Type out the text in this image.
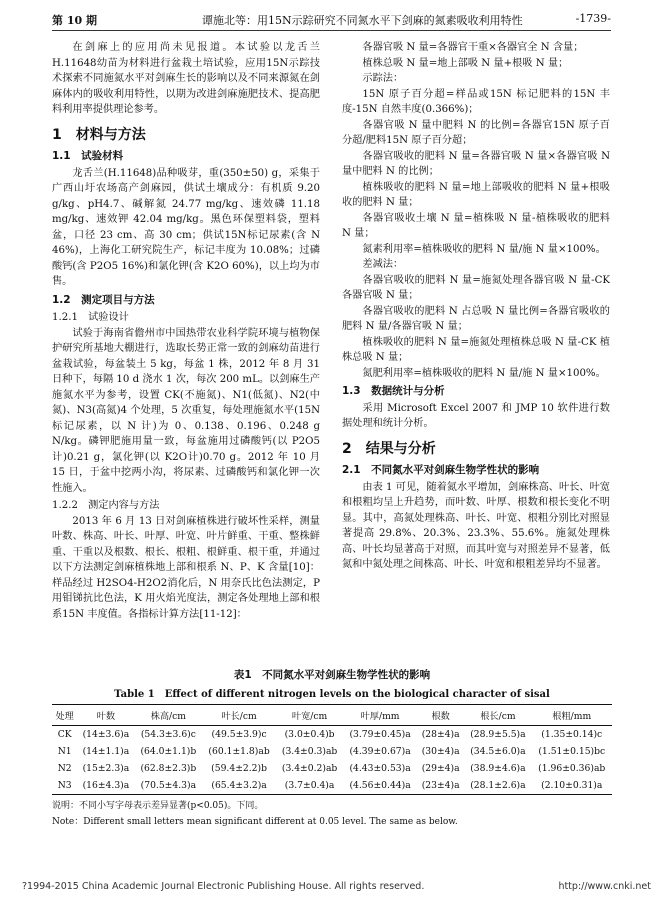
第 10 期	谭施北等：用15N示踪研究不同氮水平下剑麻的氮素吸收利用特性	-1739-

在剑麻上的应用尚未见报道。本试验以龙舌兰H.11648幼苗为材料进行盆栽土培试验，应用15N示踪技术探索不同施氮水平对剑麻生长的影响以及不同来源氮在剑麻体内的吸收利用特性，以期为改进剑麻施肥技术、提高肥料利用率提供理论参考。

1　材料与方法
1.1　试验材料

龙舌兰(H.11648)品种吸芽，重(350±50) g，采集于广西山圩农场高产剑麻园，供试土壤成分：有机质 9.20 g/kg、pH4.7、碱解氮 24.77 mg/kg、速效磷 11.18 mg/kg、速效钾 42.04 mg/kg。黑色环保塑料袋，塑料盆，口径 23 cm、高 30 cm；供试15N标记尿素(含 N 46%)，上海化工研究院生产，标记丰度为 10.08%；过磷酸钙(含 P2O5 16%)和氯化钾(含 K2O 60%)，以上均为市售。

1.2　测定项目与方法
1.2.1　试验设计

试验于海南省儋州市中国热带农业科学院环境与植物保护研究所基地大棚进行，选取长势正常一致的剑麻幼苗进行盆栽试验，每盆装土 5 kg，每盆 1 株，2012 年 8 月 31 日种下，每隔 10 d 浇水 1 次，每次 200 mL。以剑麻生产施氮水平为参考，设置 CK(不施氮)、N1(低氮)、N2(中氮)、N3(高氮)4 个处理，5 次重复，每处理施氮水平(15N 标记尿素，以 N 计)为 0、0.138、0.196、0.248 g N/kg。磷钾肥施用量一致，每盆施用过磷酸钙(以 P2O5计)0.21 g，氯化钾(以 K2O计)0.70 g。2012 年 10 月 15 日，于盆中挖两小沟，将尿素、过磷酸钙和氯化钾一次性施入。

1.2.2　测定内容与方法

2013 年 6 月 13 日对剑麻植株进行破坏性采样，测量叶数、株高、叶长、叶厚、叶宽、叶片鲜重、干重、整株鲜重、干重以及根数、根长、根粗、根鲜重、根干重，并通过以下方法测定剑麻植株地上部和根系 N、P、K 含量[10]：样品经过 H2SO4-H2O2消化后，N 用奈氏比色法测定，P 用钼锑抗比色法，K 用火焰光度法，测定各处理地上部和根系15N 丰度值。各指标计算方法[11-12]：

各器官吸 N 量=各器官干重×各器官全 N 含量；

植株总吸 N 量=地上部吸 N 量+根吸 N 量；

示踪法：

15N 原子百分超=样品或15N 标记肥料的15N 丰度-15N 自然丰度(0.366%)；

各器官吸 N 量中肥料 N 的比例=各器官15N 原子百分超/肥料15N 原子百分超；

各器官吸收的肥料 N 量=各器官吸 N 量×各器官吸 N 量中肥料 N 的比例；

植株吸收的肥料 N 量=地上部吸收的肥料 N 量+根吸收的肥料 N 量；

各器官吸收土壤 N 量=植株吸 N 量-植株吸收的肥料 N 量；

氮素利用率=植株吸收的肥料 N 量/施 N 量×100%。

差减法：

各器官吸收的肥料 N 量=施氮处理各器官吸 N 量-CK 各器官吸 N 量；

各器官吸收的肥料 N 占总吸 N 量比例=各器官吸收的肥料 N 量/各器官吸 N 量；

植株吸收的肥料 N 量=施氮处理植株总吸 N 量-CK 植株总吸 N 量；

氮肥利用率=植株吸收的肥料 N 量/施 N 量×100%。

1.3　数据统计与分析

采用 Microsoft Excel 2007 和 JMP 10 软件进行数据处理和统计分析。

2　结果与分析
2.1　不同氮水平对剑麻生物学性状的影响

由表 1 可见，随着氮水平增加，剑麻株高、叶长、叶宽和根粗均呈上升趋势，而叶数、叶厚、根数和根长变化不明显。其中，高氮处理株高、叶长、叶宽、根粗分别比对照显著提高 29.8%、20.3%、23.3%、55.6%。施氮处理株高、叶长均显著高于对照，而其叶宽与对照差异不显著，低氮和中氮处理之间株高、叶长、叶宽和根粗差异均不显著。

表1　不同氮水平对剑麻生物学性状的影响
Table 1　Effect of different nitrogen levels on the biological character of sisal
处理	叶数	株高/cm	叶长/cm	叶宽/cm	叶厚/mm	根数	根长/cm	根粗/mm
CK	(14±3.6)a	(54.3±3.6)c	(49.5±3.9)c	(3.0±0.4)b	(3.79±0.45)a	(28±4)a	(28.9±5.5)a	(1.35±0.14)c
N1	(14±1.1)a	(64.0±1.1)b	(60.1±1.8)ab	(3.4±0.3)ab	(4.39±0.67)a	(30±4)a	(34.5±6.0)a	(1.51±0.15)bc
N2	(15±2.3)a	(62.8±2.3)b	(59.4±2.2)b	(3.4±0.2)ab	(4.43±0.53)a	(29±4)a	(38.9±4.6)a	(1.96±0.36)ab
N3	(16±4.3)a	(70.5±4.3)a	(65.4±3.2)a	(3.7±0.4)a	(4.56±0.44)a	(23±4)a	(28.1±2.6)a	(2.10±0.31)a
说明：不同小写字母表示差异显著(p<0.05)。下同。
Note：Different small letters mean significant different at 0.05 level. The same as below.
?1994-2015 China Academic Journal Electronic Publishing House. All rights reserved.	http://www.cnki.net
